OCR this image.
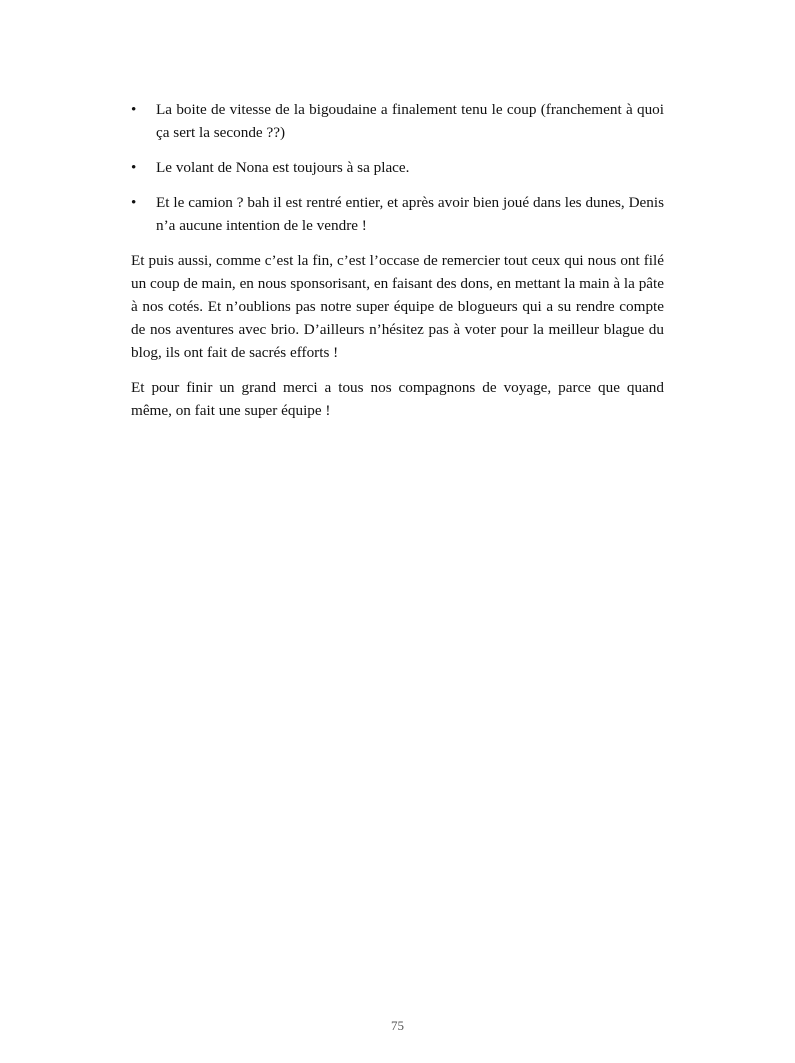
•	La boite de vitesse de la bigoudaine a finalement tenu le coup (franchement à quoi ça sert la seconde ??)
•	Le volant de Nona est toujours à sa place.
•	Et le camion ? bah il est rentré entier, et après avoir bien joué dans les dunes, Denis n’a aucune intention de le vendre !

Et puis aussi, comme c’est la fin, c’est l’occase de remercier tout ceux qui nous ont filé un coup de main, en nous sponsorisant, en faisant des dons, en mettant la main à la pâte à nos cotés. Et n’oublions pas notre super équipe de blogueurs qui a su rendre compte de nos aventures avec brio. D’ailleurs n’hésitez pas à voter pour la meilleur blague du blog, ils ont fait de sacrés efforts !

Et pour finir un grand merci a tous nos compagnons de voyage, parce que quand même, on fait une super équipe !

75
